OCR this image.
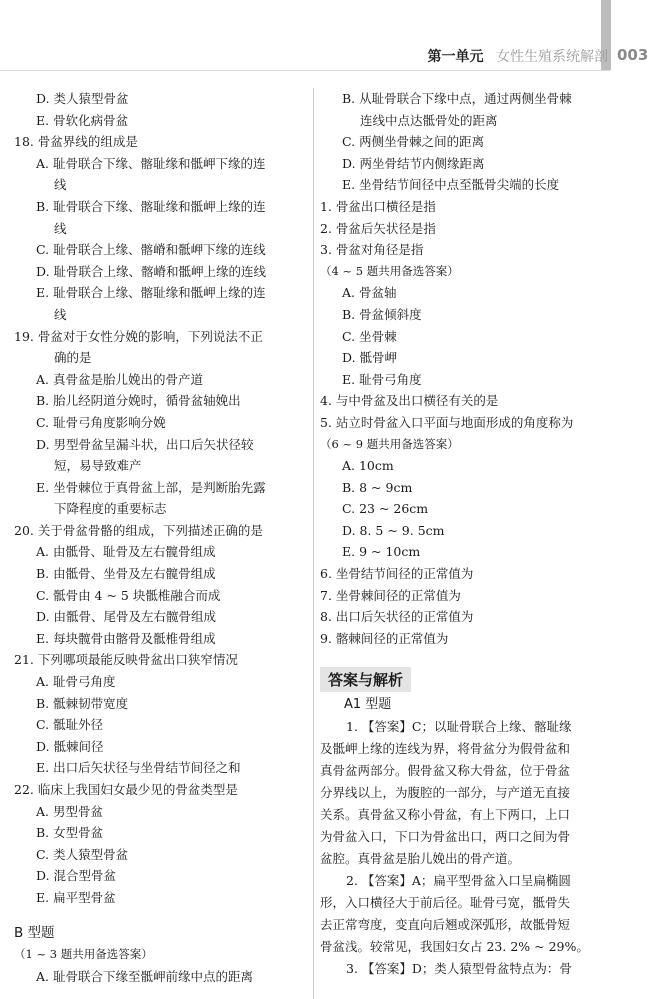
第一单元 女性生殖系统解剖 003
D. 类人猿型骨盆
E. 骨软化病骨盆
18. 骨盆界线的组成是
A. 耻骨联合下缘、髂耻缘和骶岬下缘的连
线
B. 耻骨联合下缘、髂耻缘和骶岬上缘的连
线
C. 耻骨联合上缘、髂嵴和骶岬下缘的连线
D. 耻骨联合上缘、髂嵴和骶岬上缘的连线
E. 耻骨联合上缘、髂耻缘和骶岬上缘的连
线
19. 骨盆对于女性分娩的影响，下列说法不正
确的是
A. 真骨盆是胎儿娩出的骨产道
B. 胎儿经阴道分娩时，循骨盆轴娩出
C. 耻骨弓角度影响分娩
D. 男型骨盆呈漏斗状，出口后矢状径较
短，易导致难产
E. 坐骨棘位于真骨盆上部，是判断胎先露
下降程度的重要标志
20. 关于骨盆骨骼的组成，下列描述正确的是
A. 由骶骨、耻骨及左右髋骨组成
B. 由骶骨、坐骨及左右髋骨组成
C. 骶骨由 4 ~ 5 块骶椎融合而成
D. 由骶骨、尾骨及左右髋骨组成
E. 每块髋骨由髂骨及骶椎骨组成
21. 下列哪项最能反映骨盆出口狭窄情况
A. 耻骨弓角度
B. 骶棘韧带宽度
C. 骶耻外径
D. 骶棘间径
E. 出口后矢状径与坐骨结节间径之和
22. 临床上我国妇女最少见的骨盆类型是
A. 男型骨盆
B. 女型骨盆
C. 类人猿型骨盆
D. 混合型骨盆
E. 扁平型骨盆
B 型题
（1 ~ 3 题共用备选答案）
A. 耻骨联合下缘至骶岬前缘中点的距离
B. 从耻骨联合下缘中点，通过两侧坐骨棘
连线中点达骶骨处的距离
C. 两侧坐骨棘之间的距离
D. 两坐骨结节内侧缘距离
E. 坐骨结节间径中点至骶骨尖端的长度
1. 骨盆出口横径是指
2. 骨盆后矢状径是指
3. 骨盆对角径是指
（4 ~ 5 题共用备选答案）
A. 骨盆轴
B. 骨盆倾斜度
C. 坐骨棘
D. 骶骨岬
E. 耻骨弓角度
4. 与中骨盆及出口横径有关的是
5. 站立时骨盆入口平面与地面形成的角度称为
（6 ~ 9 题共用备选答案）
A. 10cm
B. 8 ~ 9cm
C. 23 ~ 26cm
D. 8. 5 ~ 9. 5cm
E. 9 ~ 10cm
6. 坐骨结节间径的正常值为
7. 坐骨棘间径的正常值为
8. 出口后矢状径的正常值为
9. 髂棘间径的正常值为
答案与解析
A1 型题
1. 【答案】C；以耻骨联合上缘、髂耻缘
及骶岬上缘的连线为界，将骨盆分为假骨盆和
真骨盆两部分。假骨盆又称大骨盆，位于骨盆
分界线以上，为腹腔的一部分，与产道无直接
关系。真骨盆又称小骨盆，有上下两口，上口
为骨盆入口，下口为骨盆出口，两口之间为骨
盆腔。真骨盆是胎儿娩出的骨产道。
2. 【答案】A；扁平型骨盆入口呈扁椭圆
形，入口横径大于前后径。耻骨弓宽，骶骨失
去正常弯度，变直向后翘或深弧形，故骶骨短
骨盆浅。较常见，我国妇女占 23. 2% ~ 29%。
3. 【答案】D；类人猿型骨盆特点为：骨
